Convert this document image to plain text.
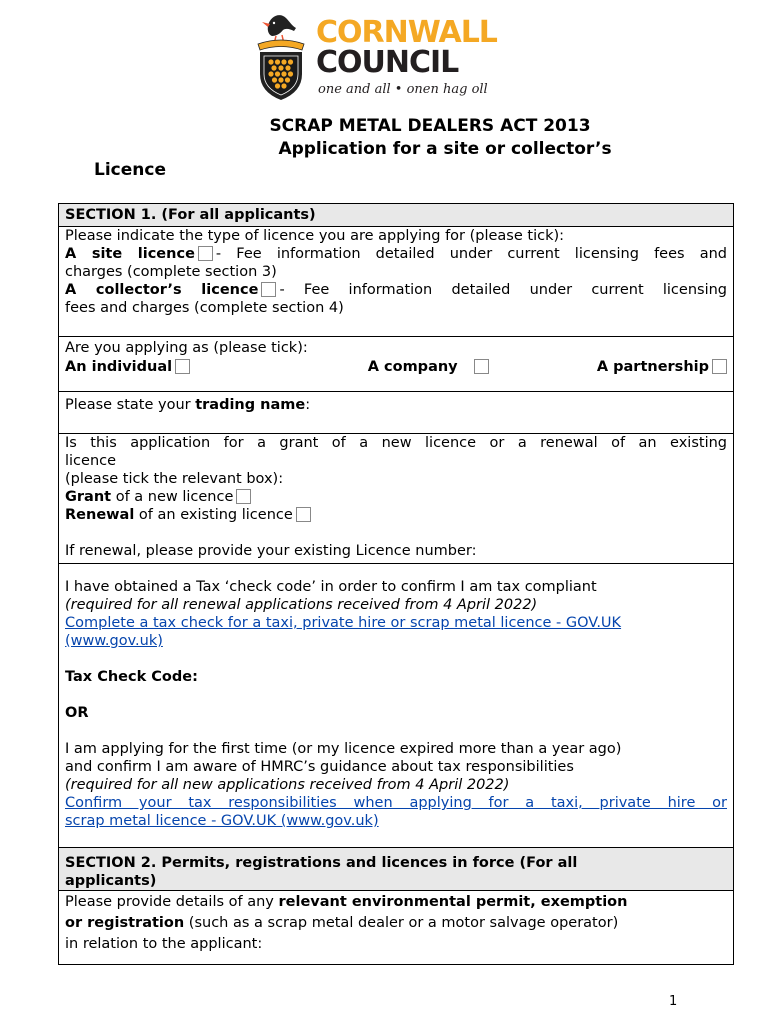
CORNWALL
COUNCIL
one and all • onen hag oll
SCRAP METAL DEALERS ACT 2013
Application for a site or collector’s
Licence
SECTION 1. (For all applicants)
Please indicate the type of licence you are applying for (please tick):
A site licence - Fee information detailed under current licensing fees and
charges (complete section 3)
A collector’s licence - Fee information detailed under current licensing
fees and charges (complete section 4)
Are you applying as (please tick):
An individual	A company	A partnership
Please state your trading name:
Is this application for a grant of a new licence or a renewal of an existing
licence
(please tick the relevant box):
Grant of a new licence
Renewal of an existing licence
If renewal, please provide your existing Licence number:
I have obtained a Tax ‘check code’ in order to confirm I am tax compliant
(required for all renewal applications received from 4 April 2022)
Complete a tax check for a taxi, private hire or scrap metal licence - GOV.UK
(www.gov.uk)
Tax Check Code:
OR
I am applying for the first time (or my licence expired more than a year ago)
and confirm I am aware of HMRC’s guidance about tax responsibilities
(required for all new applications received from 4 April 2022)
Confirm your tax responsibilities when applying for a taxi, private hire or
scrap metal licence - GOV.UK (www.gov.uk)
SECTION 2. Permits, registrations and licences in force (For all
applicants)
Please provide details of any relevant environmental permit, exemption
or registration (such as a scrap metal dealer or a motor salvage operator)
in relation to the applicant:
1
